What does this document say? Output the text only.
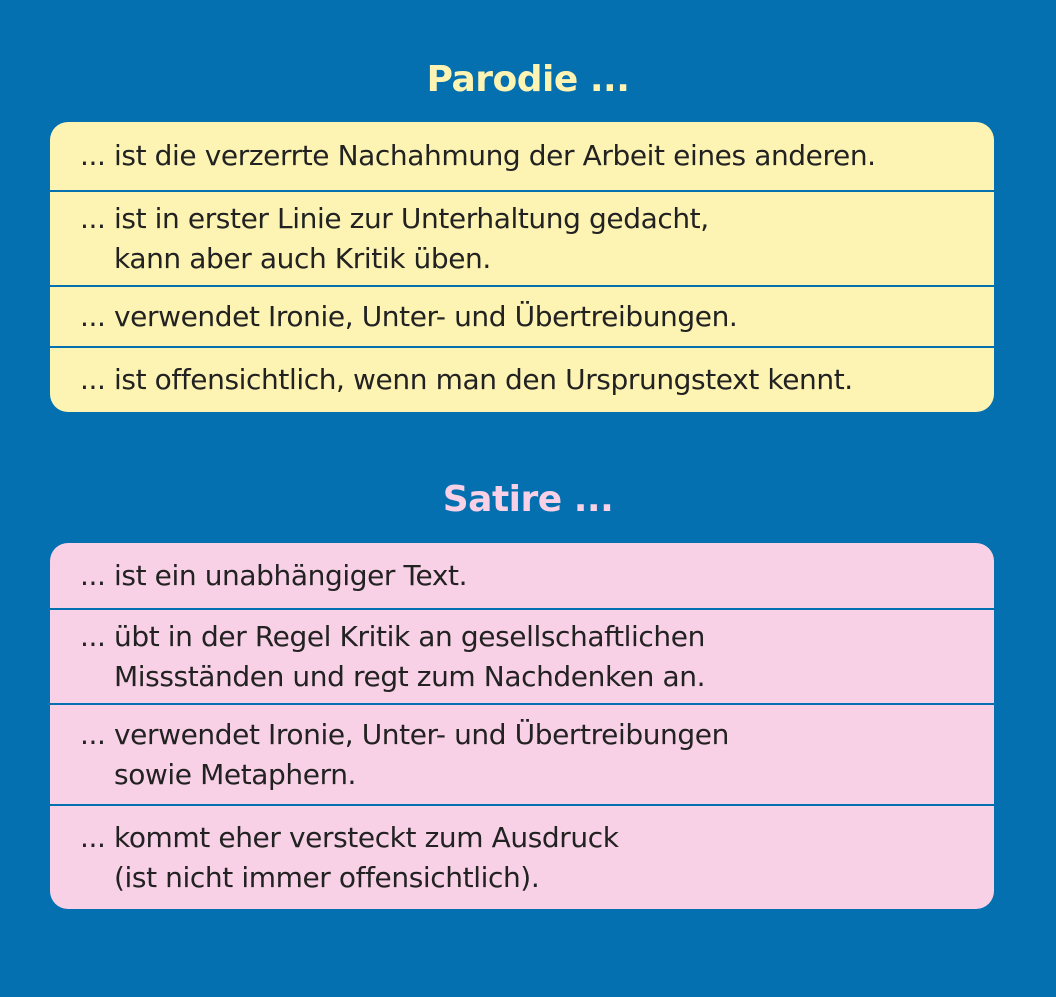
Parodie ...
... ist die verzerrte Nachahmung der Arbeit eines anderen.
... ist in erster Linie zur Unterhaltung gedacht,
kann aber auch Kritik üben.
... verwendet Ironie, Unter- und Übertreibungen.
... ist offensichtlich, wenn man den Ursprungstext kennt.
Satire ...
... ist ein unabhängiger Text.
... übt in der Regel Kritik an gesellschaftlichen
Missständen und regt zum Nachdenken an.
... verwendet Ironie, Unter- und Übertreibungen
sowie Metaphern.
... kommt eher versteckt zum Ausdruck
(ist nicht immer offensichtlich).
